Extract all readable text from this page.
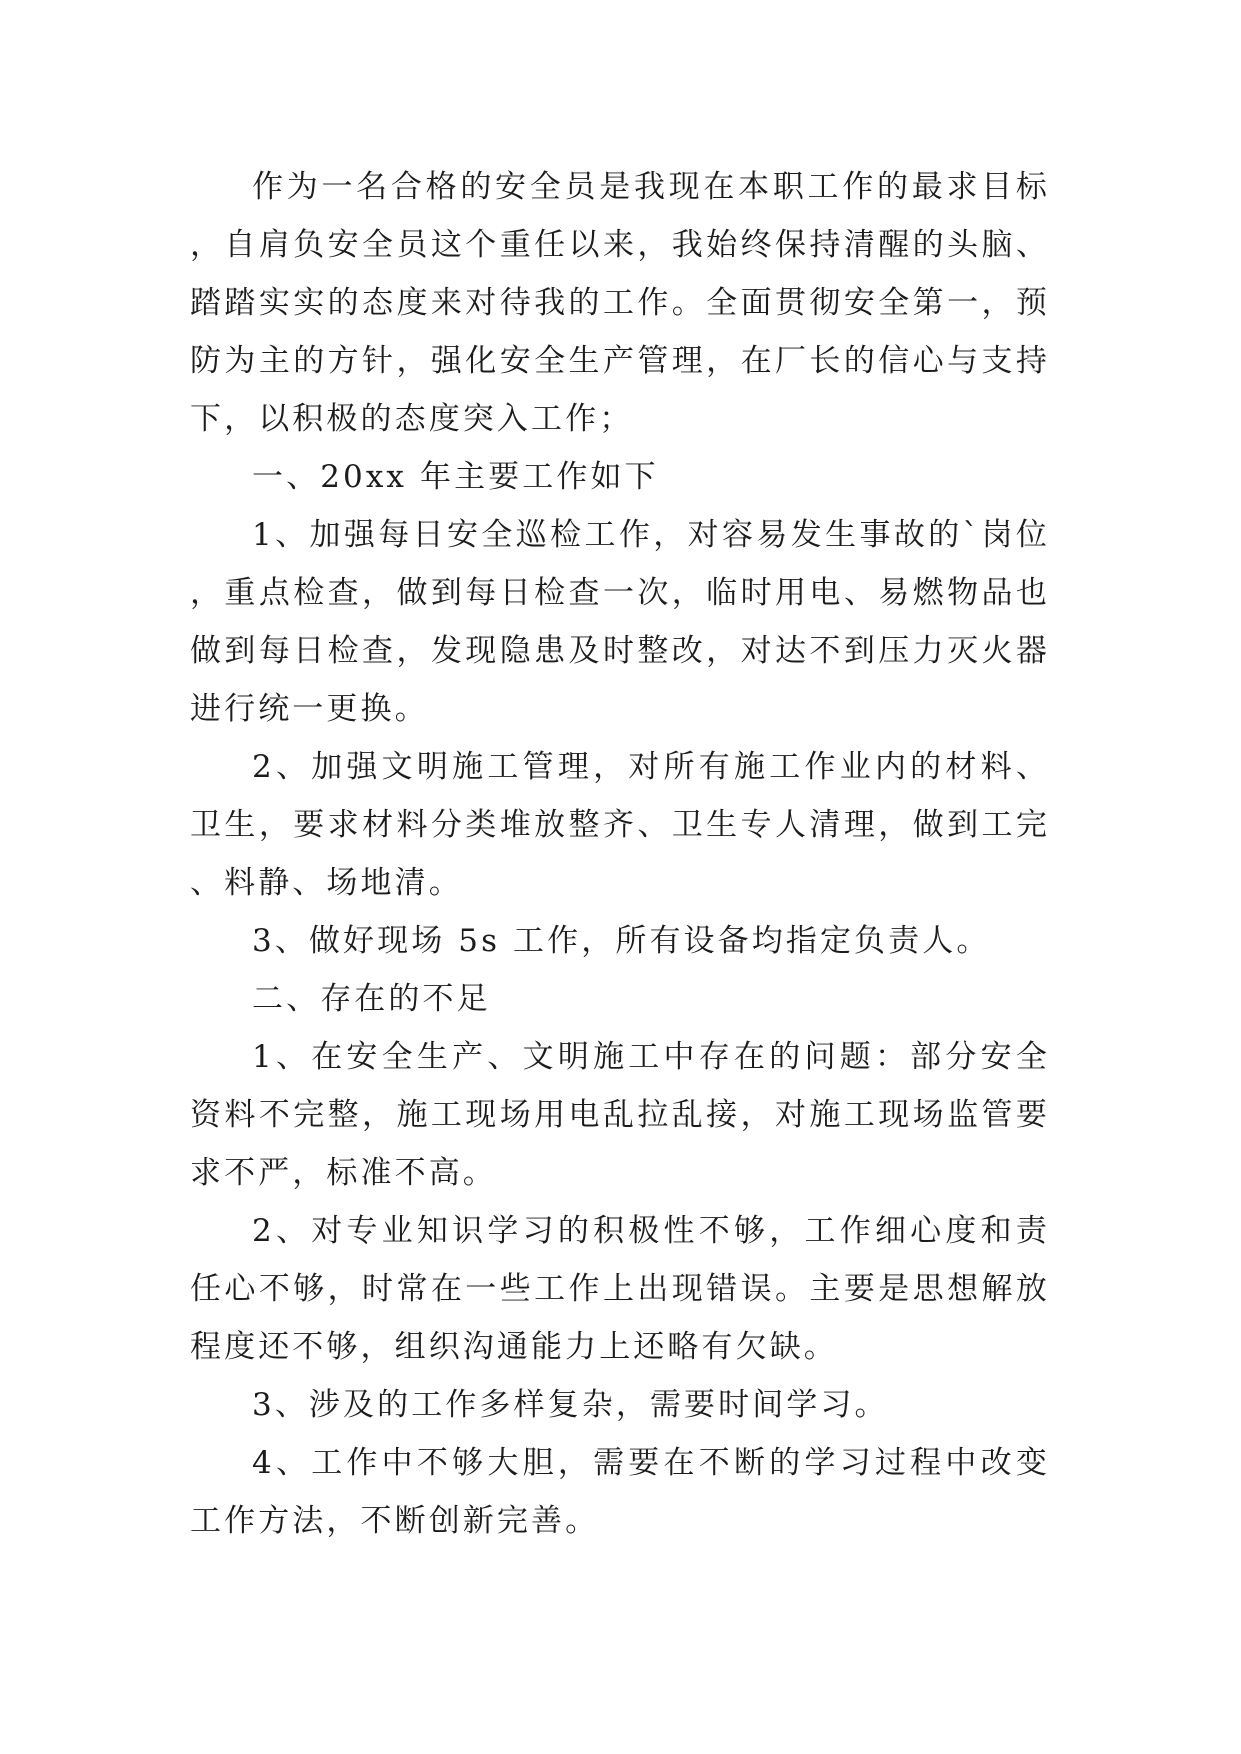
作为一名合格的安全员是我现在本职工作的最求目标，自肩负安全员这个重任以来，我始终保持清醒的头脑、踏踏实实的态度来对待我的工作。全面贯彻安全第一，预防为主的方针，强化安全生产管理，在厂长的信心与支持下，以积极的态度突入工作；

一、20xx 年主要工作如下

1、加强每日安全巡检工作，对容易发生事故的`岗位，重点检查，做到每日检查一次，临时用电、易燃物品也做到每日检查，发现隐患及时整改，对达不到压力灭火器进行统一更换。

2、加强文明施工管理，对所有施工作业内的材料、卫生，要求材料分类堆放整齐、卫生专人清理，做到工完、料静、场地清。

3、做好现场 5s 工作，所有设备均指定负责人。

二、存在的不足

1、在安全生产、文明施工中存在的问题：部分安全资料不完整，施工现场用电乱拉乱接，对施工现场监管要求不严，标准不高。

2、对专业知识学习的积极性不够，工作细心度和责任心不够，时常在一些工作上出现错误。主要是思想解放程度还不够，组织沟通能力上还略有欠缺。

3、涉及的工作多样复杂，需要时间学习。

4、工作中不够大胆，需要在不断的学习过程中改变工作方法，不断创新完善。
